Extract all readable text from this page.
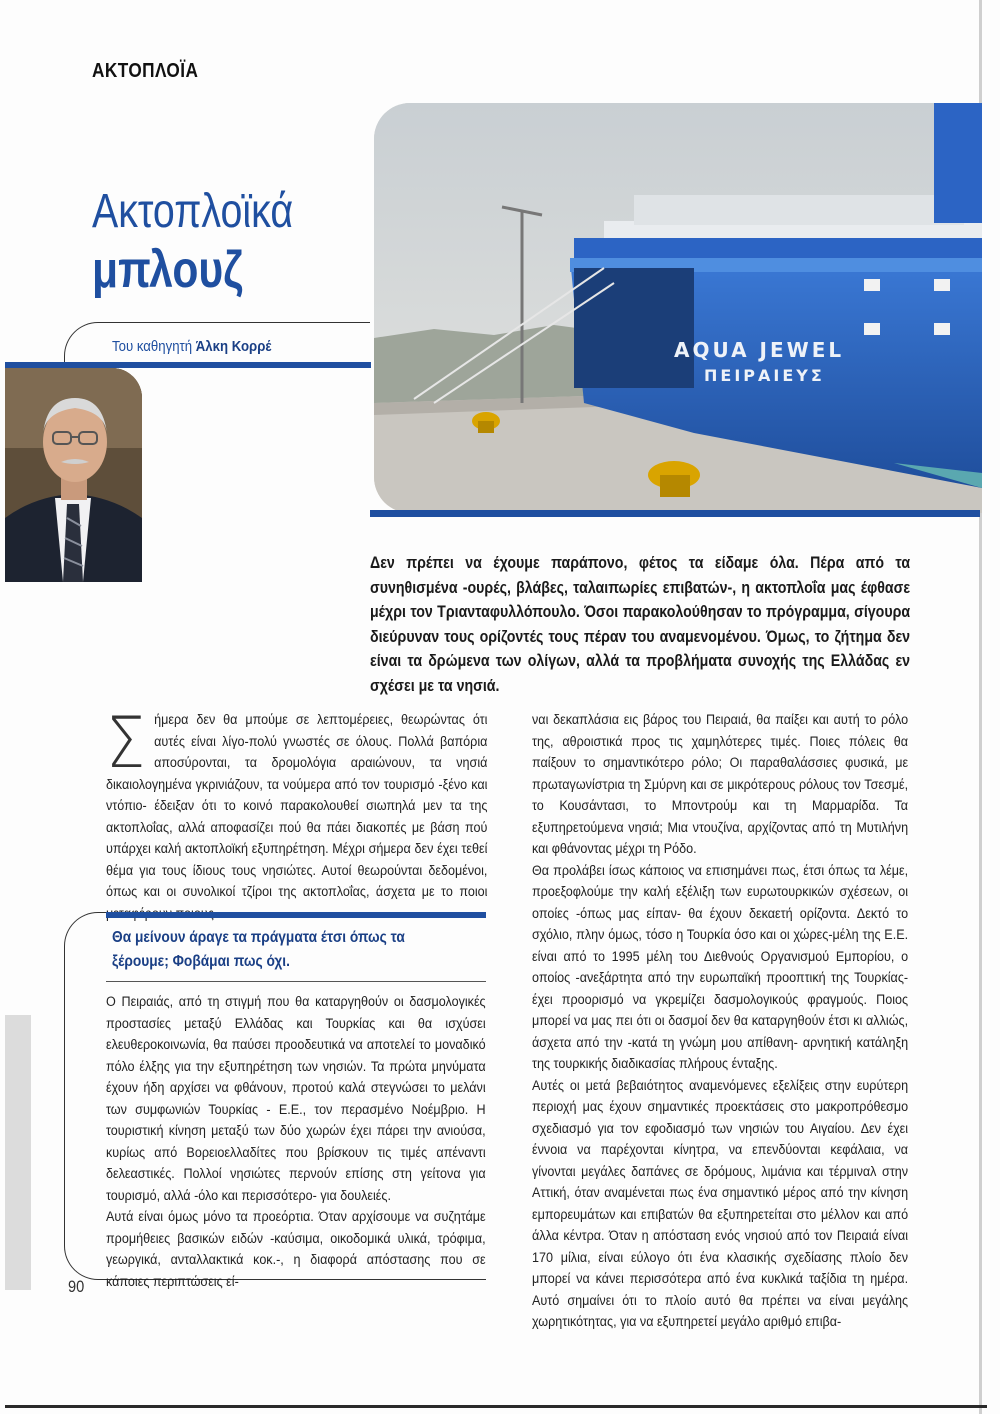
ΑΚΤΟΠΛΟΪΑ
Ακτοπλοϊκά
μπλουζ
Του καθηγητή Άλκη Κορρέ	AQUA JEWEL
ΠΕΙΡΑΙΕΥΣ
Δεν πρέπει να έχουμε παράπονο, φέτος τα είδαμε όλα. Πέρα από τα συνηθισμένα -ουρές, βλάβες, ταλαιπωρίες επιβατών-, η ακτοπλοΐα μας έφθασε μέχρι τον Τριανταφυλλόπουλο. Όσοι παρακολούθησαν το πρόγραμμα, σίγουρα διεύρυναν τους ορίζοντές τους πέραν του αναμενομένου. Όμως, το ζήτημα δεν είναι τα δρώμενα των ολίγων, αλλά τα προβλήματα συνοχής της Ελλάδας εν σχέσει με τα νησιά.
Σ ήμερα δεν θα μπούμε σε λεπτομέρειες, θεωρώντας ότι αυτές είναι λίγο-πολύ γνωστές σε όλους. Πολλά βαπόρια αποσύρονται, τα δρομολόγια αραιώνουν, τα νησιά δικαιολογημένα γκρινιάζουν, τα νούμερα από τον τουρισμό -ξένο και ντόπιο- έδειξαν ότι το κοινό παρακολουθεί σιωπηλά μεν τα της ακτοπλοΐας, αλλά αποφασίζει πού θα πάει διακοπές με βάση πού υπάρχει καλή ακτοπλοϊκή εξυπηρέτηση. Μέχρι σήμερα δεν έχει τεθεί θέμα για τους ίδιους τους νησιώτες. Αυτοί θεωρούνται δεδομένοι, όπως και οι συνολικοί τζίροι της ακτοπλοΐας, άσχετα με το ποιοι

Θα μείνουν άραγε τα πράγματα έτσι όπως τα ξέρουμε; Φοβάμαι πως όχι.

Ο Πειραιάς, από τη στιγμή που θα καταργηθούν οι δασμολογικές προστασίες μεταξύ Ελλάδας και Τουρκίας και θα ισχύσει ελευθεροκοινωνία, θα παύσει προοδευτικά να αποτελεί το μοναδικό πόλο έλξης για την εξυπηρέτηση των νησιών. Τα πρώτα μηνύματα έχουν ήδη αρχίσει να φθάνουν, προτού καλά στεγνώσει το μελάνι των συμφωνιών Τουρκίας - Ε.Ε., τον περασμένο Νοέμβριο. Η τουριστική κίνηση μεταξύ των δύο χωρών έχει πάρει την ανιούσα, κυρίως από Βορειοελλαδίτες που βρίσκουν τις τιμές απέναντι δελεαστικές. Πολλοί νησιώτες περνούν επίσης στη γείτονα για τουρισμό, αλλά -όλο και περισσότερο- για δουλειές.

Αυτά είναι όμως μόνο τα προεόρτια. Όταν αρχίσουμε να συζητάμε προμήθειες βασικών ειδών -καύσιμα, οικοδομικά υλικά, τρόφιμα, γεωργικά, ανταλλακτικά κοκ.-, η διαφορά απόστασης που σε κάποιες περιπτώσεις εί-

ναι δεκαπλάσια εις βάρος του Πειραιά, θα παίξει και αυτή το ρόλο της, αθροιστικά προς τις χαμηλότερες τιμές. Ποιες πόλεις θα παίξουν το σημαντικότερο ρόλο; Οι παραθαλάσσιες φυσικά, με πρωταγωνίστρια τη Σμύρνη και σε μικρότερους ρόλους τον Τσεσμέ, το Κουσάντασι, το Μποντρούμ και τη Μαρμαρίδα. Τα εξυπηρετούμενα νησιά; Μια ντουζίνα, αρχίζοντας από τη Μυτιλήνη και φθάνοντας μέχρι τη Ρόδο.

Θα προλάβει ίσως κάποιος να επισημάνει πως, έτσι όπως τα λέμε, προεξοφλούμε την καλή εξέλιξη των ευρωτουρκικών σχέσεων, οι οποίες -όπως μας είπαν- θα έχουν δεκαετή ορίζοντα. Δεκτό το σχόλιο, πλην όμως, τόσο η Τουρκία όσο και οι χώρες-μέλη της Ε.Ε. είναι από το 1995 μέλη του Διεθνούς Οργανισμού Εμπορίου, ο οποίος -ανεξάρτητα από την ευρωπαϊκή προοπτική της Τουρκίας- έχει προορισμό να γκρεμίζει δασμολογικούς φραγμούς. Ποιος μπορεί να μας πει ότι οι δασμοί δεν θα καταργηθούν έτσι κι αλλιώς, άσχετα από την -κατά τη γνώμη μου απίθανη- αρνητική κατάληξη της τουρκικής διαδικασίας πλήρους ένταξης.

Αυτές οι μετά βεβαιότητος αναμενόμενες εξελίξεις στην ευρύτερη περιοχή μας έχουν σημαντικές προεκτάσεις στο μακροπρόθεσμο σχεδιασμό για τον εφοδιασμό των νησιών του Αιγαίου. Δεν έχει έννοια να παρέχονται κίνητρα, να επενδύονται κεφάλαια, να γίνονται μεγάλες δαπάνες σε δρόμους, λιμάνια και τέρμιναλ στην Αττική, όταν αναμένεται πως ένα σημαντικό μέρος από την κίνηση εμπορευμάτων και επιβατών θα εξυπηρετείται στο μέλλον και από άλλα κέντρα. Όταν η απόσταση ενός νησιού από τον Πειραιά είναι 170 μίλια, είναι εύλογο ότι ένα κλασικής σχεδίασης πλοίο δεν μπορεί να κάνει περισσότερα από ένα κυκλικά ταξίδια τη ημέρα. Αυτό σημαίνει ότι το πλοίο αυτό θα πρέπει να είναι μεγάλης χωρητικότητας, για να εξυπηρετεί μεγάλο αριθμό επιβα-

90
